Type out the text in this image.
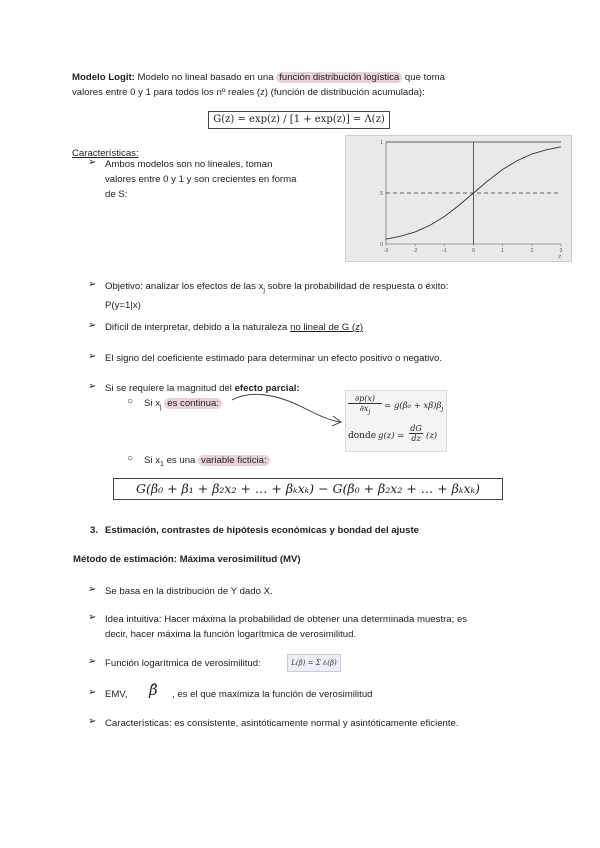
Modelo Logit: Modelo no lineal basado en una función distribución logística que toma
valores entre 0 y 1 para todos los nº reales (z) (función de distribución acumulada):
G(z) = exp(z) / [1 + exp(z)] = Λ(z)
Características:
➢ Ambos modelos son no lineales, toman
valores entre 0 y 1 y son crecientes en forma
de S:
-3	-2	-1	0	1	2	3
0
.5
1
z
➢ Objetivo: analizar los efectos de las $x_j$ sobre la probabilidad de respuesta o éxito:
P(y=1|x)
➢ Difícil de interpretar, debido a la naturaleza no lineal de G (z)
➢ El signo del coeficiente estimado para determinar un efecto positivo o negativo.
➢ Si se requiere la magnitud del efecto parcial:
○ Si $x_j$ es continua:	∂p(x)
$\partial x_j$
= $g(\beta_0 + x\beta)\beta_j$
donde $g(z) = \frac{dG}{dz} (z)$
○ Si $x_1$ es una variable ficticia:
G(β₀ + β₁ + β₂x₂ + … + βₖxₖ) − G(β₀ + β₂x₂ + … + βₖxₖ)
3. Estimación, contrastes de hipótesis económicas y bondad del ajuste
Método de estimación: Máxima verosimilitud (MV)
➢ Se basa en la distribución de Y dado X.
➢ Idea intuitiva: Hacer máxima la probabilidad de obtener una determinada muestra; es
decir, hacer máxima la función logarítmica de verosimilitud.
➢ Función logarítmica de verosimilitud:	L(β) = Σ ℓᵢ(β)
➢ EMV, β̂ , es el que maximiza la función de verosimilitud
➢ Características: es consistente, asintóticamente normal y asintóticamente eficiente.
